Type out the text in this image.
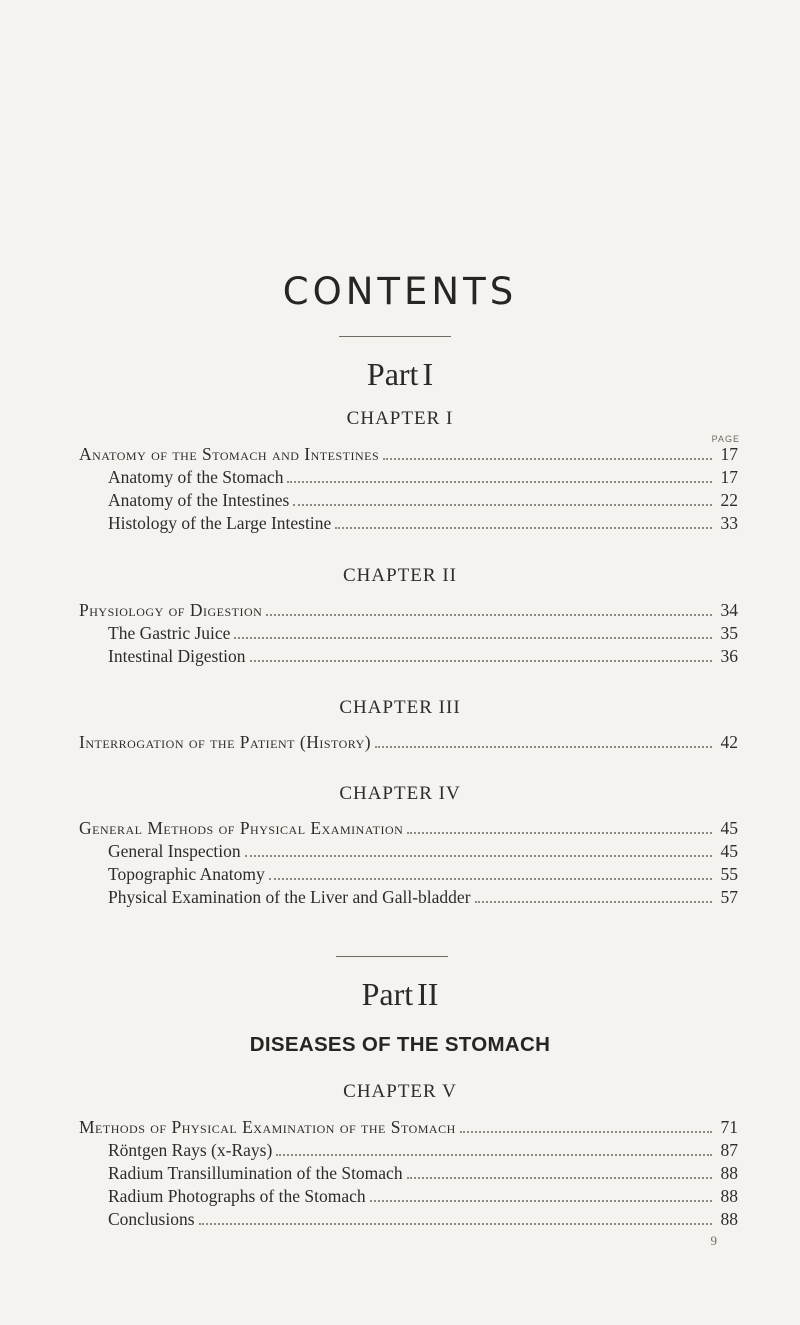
CONTENTS
Part I
CHAPTER I
PAGE
Anatomy of the Stomach and Intestines	17
Anatomy of the Stomach	17
Anatomy of the Intestines	22
Histology of the Large Intestine	33
CHAPTER II
Physiology of Digestion	34
The Gastric Juice	35
Intestinal Digestion	36
CHAPTER III
Interrogation of the Patient (History)	42
CHAPTER IV
General Methods of Physical Examination	45
General Inspection	45
Topographic Anatomy	55
Physical Examination of the Liver and Gall-bladder	57
Part II
DISEASES OF THE STOMACH
CHAPTER V
Methods of Physical Examination of the Stomach	71
Röntgen Rays (x-Rays)	87
Radium Transillumination of the Stomach	88
Radium Photographs of the Stomach	88
Conclusions	88
9
